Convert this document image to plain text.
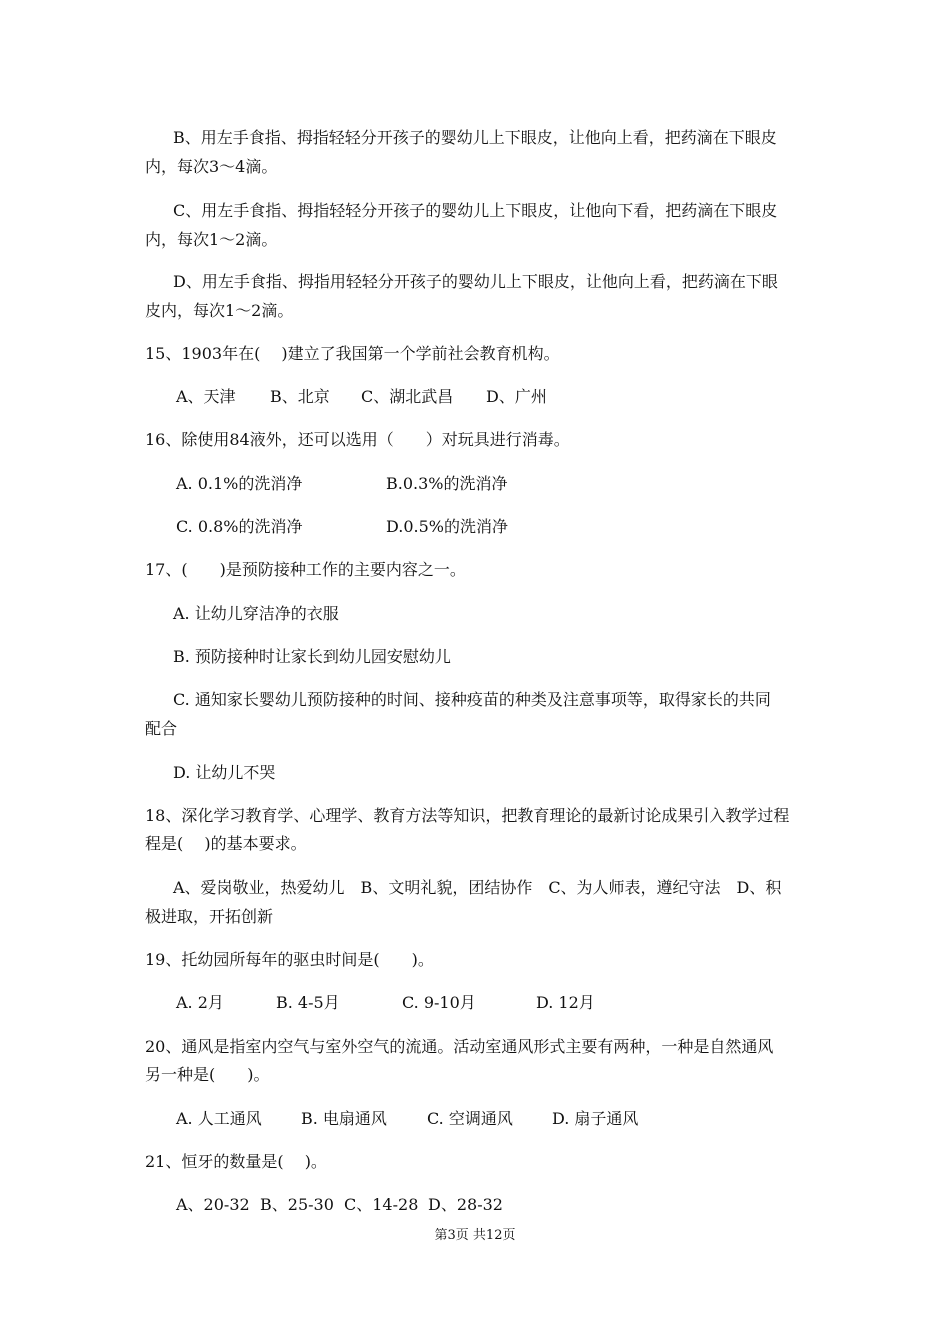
B、用左手食指、拇指轻轻分开孩子的婴幼儿上下眼皮，让他向上看，把药滴在下眼皮
内，每次3～4滴。
C、用左手食指、拇指轻轻分开孩子的婴幼儿上下眼皮，让他向下看，把药滴在下眼皮
内，每次1～2滴。
D、用左手食指、拇指用轻轻分开孩子的婴幼儿上下眼皮，让他向上看，把药滴在下眼
皮内，每次1～2滴。
15、1903年在(　 )建立了我国第一个学前社会教育机构。
A、天津 B、北京 C、湖北武昌 D、广州
16、除使用84液外，还可以选用（　　）对玩具进行消毒。
A. 0.1%的洗消净	B.0.3%的洗消净
C. 0.8%的洗消净	D.0.5%的洗消净
17、(　　)是预防接种工作的主要内容之一。
A. 让幼儿穿洁净的衣服
B. 预防接种时让家长到幼儿园安慰幼儿
C. 通知家长婴幼儿预防接种的时间、接种疫苗的种类及注意事项等，取得家长的共同
配合
D. 让幼儿不哭
18、深化学习教育学、心理学、教育方法等知识，把教育理论的最新讨论成果引入教学过程
程是(　 )的基本要求。
A、爱岗敬业，热爱幼儿　B、文明礼貌，团结协作　C、为人师表，遵纪守法　D、积
极进取，开拓创新
19、托幼园所每年的驱虫时间是(　　)。
A. 2月	B. 4-5月	C. 9-10月	D. 12月
20、通风是指室内空气与室外空气的流通。活动室通风形式主要有两种，一种是自然通风
另一种是(　　)。
A. 人工通风 B. 电扇通风	C. 空调通风 D. 扇子通风
21、恒牙的数量是(　 )。
A、20-32 B、25-30 C、14-28 D、28-32
第3页 共12页
